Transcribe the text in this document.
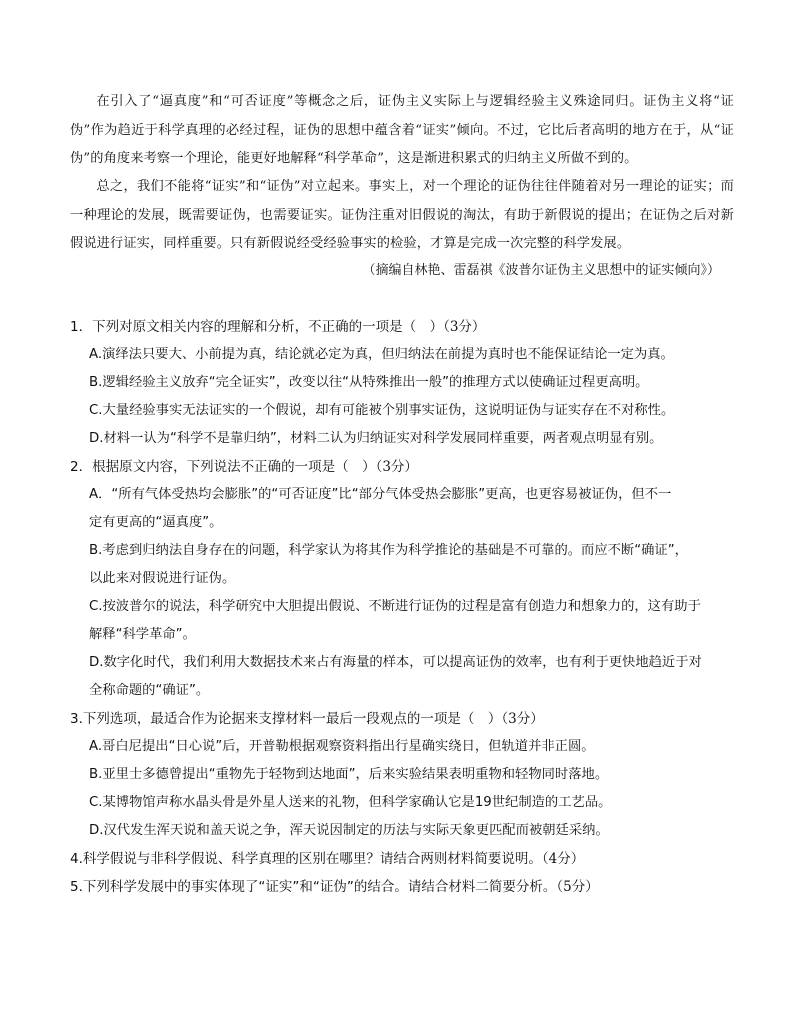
在引入了“逼真度”和“可否证度”等概念之后，证伪主义实际上与逻辑经验主义殊途同归。证伪主义将“证伪”作为趋近于科学真理的必经过程，证伪的思想中蕴含着“证实”倾向。不过，它比后者高明的地方在于，从“证伪”的角度来考察一个理论，能更好地解释“科学革命”，这是渐进积累式的归纳主义所做不到的。
总之，我们不能将“证实”和“证伪”对立起来。事实上，对一个理论的证伪往往伴随着对另一理论的证实；而一种理论的发展，既需要证伪，也需要证实。证伪注重对旧假说的淘汰，有助于新假说的提出；在证伪之后对新假说进行证实，同样重要。只有新假说经受经验事实的检验，才算是完成一次完整的科学发展。
（摘编自林艳、雷磊祺《波普尔证伪主义思想中的证实倾向》）
1．下列对原文相关内容的理解和分析，不正确的一项是（　）（3分）
A.演绎法只要大、小前提为真，结论就必定为真，但归纳法在前提为真时也不能保证结论一定为真。
B.逻辑经验主义放弃“完全证实”，改变以往“从特殊推出一般”的推理方式以使确证过程更高明。
C.大量经验事实无法证实的一个假说，却有可能被个别事实证伪，这说明证伪与证实存在不对称性。
D.材料一认为“科学不是靠归纳”，材料二认为归纳证实对科学发展同样重要，两者观点明显有别。
2．根据原文内容，下列说法不正确的一项是（　）（3分）
A．“所有气体受热均会膨胀”的“可否证度”比“部分气体受热会膨胀”更高，也更容易被证伪，但不一
定有更高的“逼真度”。
B.考虑到归纳法自身存在的问题，科学家认为将其作为科学推论的基础是不可靠的。而应不断“确证”，
以此来对假说进行证伪。
C.按波普尔的说法，科学研究中大胆提出假说、不断进行证伪的过程是富有创造力和想象力的，这有助于
解释“科学革命”。
D.数字化时代，我们利用大数据技术来占有海量的样本，可以提高证伪的效率，也有利于更快地趋近于对
全称命题的“确证”。
3.下列选项，最适合作为论据来支撑材料一最后一段观点的一项是（　）（3分）
A.哥白尼提出“日心说”后，开普勒根据观察资料指出行星确实绕日，但轨道并非正圆。
B.亚里士多德曾提出“重物先于轻物到达地面”，后来实验结果表明重物和轻物同时落地。
C.某博物馆声称水晶头骨是外星人送来的礼物，但科学家确认它是19世纪制造的工艺品。
D.汉代发生浑天说和盖天说之争，浑天说因制定的历法与实际天象更匹配而被朝廷采纳。
4.科学假说与非科学假说、科学真理的区别在哪里？请结合两则材料简要说明。（4分）
5.下列科学发展中的事实体现了“证实”和“证伪”的结合。请结合材料二简要分析。（5分）
